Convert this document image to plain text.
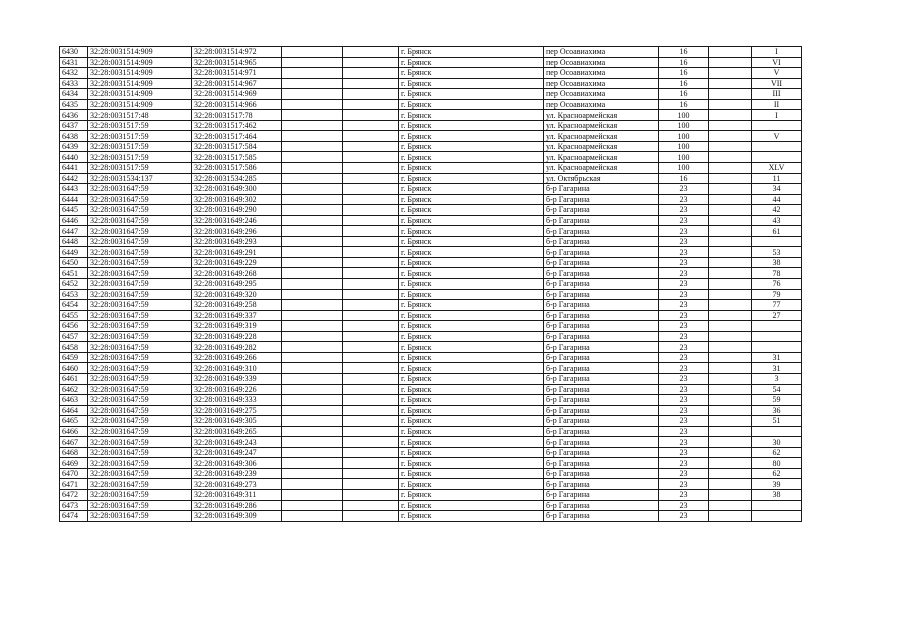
6430	32:28:0031514:909	32:28:0031514:972			г. Брянск	пер Осоавиахима	16		I
6431	32:28:0031514:909	32:28:0031514:965			г. Брянск	пер Осоавиахима	16		VI
6432	32:28:0031514:909	32:28:0031514:971			г. Брянск	пер Осоавиахима	16		V
6433	32:28:0031514:909	32:28:0031514:967			г. Брянск	пер Осоавиахима	16		VII
6434	32:28:0031514:909	32:28:0031514:969			г. Брянск	пер Осоавиахима	16		III
6435	32:28:0031514:909	32:28:0031514:966			г. Брянск	пер Осоавиахима	16		II
6436	32:28:0031517:48	32:28:0031517:78			г. Брянск	ул. Красноармейская	100		I
6437	32:28:0031517:59	32:28:0031517:462			г. Брянск	ул. Красноармейская	100		
6438	32:28:0031517:59	32:28:0031517:464			г. Брянск	ул. Красноармейская	100		V
6439	32:28:0031517:59	32:28:0031517:584			г. Брянск	ул. Красноармейская	100		
6440	32:28:0031517:59	32:28:0031517:585			г. Брянск	ул. Красноармейская	100		
6441	32:28:0031517:59	32:28:0031517:586			г. Брянск	ул. Красноармейская	100		XLV
6442	32:28:0031534:137	32:28:0031534:285			г. Брянск	ул. Октябрьская	16		11
6443	32:28:0031647:59	32:28:0031649:300			г. Брянск	б-р Гагарина	23		34
6444	32:28:0031647:59	32:28:0031649:302			г. Брянск	б-р Гагарина	23		44
6445	32:28:0031647:59	32:28:0031649:290			г. Брянск	б-р Гагарина	23		42
6446	32:28:0031647:59	32:28:0031649:246			г. Брянск	б-р Гагарина	23		43
6447	32:28:0031647:59	32:28:0031649:296			г. Брянск	б-р Гагарина	23		61
6448	32:28:0031647:59	32:28:0031649:293			г. Брянск	б-р Гагарина	23		
6449	32:28:0031647:59	32:28:0031649:291			г. Брянск	б-р Гагарина	23		53
6450	32:28:0031647:59	32:28:0031649:229			г. Брянск	б-р Гагарина	23		38
6451	32:28:0031647:59	32:28:0031649:268			г. Брянск	б-р Гагарина	23		78
6452	32:28:0031647:59	32:28:0031649:295			г. Брянск	б-р Гагарина	23		76
6453	32:28:0031647:59	32:28:0031649:320			г. Брянск	б-р Гагарина	23		79
6454	32:28:0031647:59	32:28:0031649:258			г. Брянск	б-р Гагарина	23		77
6455	32:28:0031647:59	32:28:0031649:337			г. Брянск	б-р Гагарина	23		27
6456	32:28:0031647:59	32:28:0031649:319			г. Брянск	б-р Гагарина	23		
6457	32:28:0031647:59	32:28:0031649:228			г. Брянск	б-р Гагарина	23		
6458	32:28:0031647:59	32:28:0031649:282			г. Брянск	б-р Гагарина	23		
6459	32:28:0031647:59	32:28:0031649:266			г. Брянск	б-р Гагарина	23		31
6460	32:28:0031647:59	32:28:0031649:310			г. Брянск	б-р Гагарина	23		31
6461	32:28:0031647:59	32:28:0031649:339			г. Брянск	б-р Гагарина	23		3
6462	32:28:0031647:59	32:28:0031649:226			г. Брянск	б-р Гагарина	23		54
6463	32:28:0031647:59	32:28:0031649:333			г. Брянск	б-р Гагарина	23		59
6464	32:28:0031647:59	32:28:0031649:275			г. Брянск	б-р Гагарина	23		36
6465	32:28:0031647:59	32:28:0031649:305			г. Брянск	б-р Гагарина	23		51
6466	32:28:0031647:59	32:28:0031649:265			г. Брянск	б-р Гагарина	23		
6467	32:28:0031647:59	32:28:0031649:243			г. Брянск	б-р Гагарина	23		30
6468	32:28:0031647:59	32:28:0031649:247			г. Брянск	б-р Гагарина	23		62
6469	32:28:0031647:59	32:28:0031649:306			г. Брянск	б-р Гагарина	23		80
6470	32:28:0031647:59	32:28:0031649:239			г. Брянск	б-р Гагарина	23		62
6471	32:28:0031647:59	32:28:0031649:273			г. Брянск	б-р Гагарина	23		39
6472	32:28:0031647:59	32:28:0031649:311			г. Брянск	б-р Гагарина	23		38
6473	32:28:0031647:59	32:28:0031649:286			г. Брянск	б-р Гагарина	23		
6474	32:28:0031647:59	32:28:0031649:309			г. Брянск	б-р Гагарина	23		
